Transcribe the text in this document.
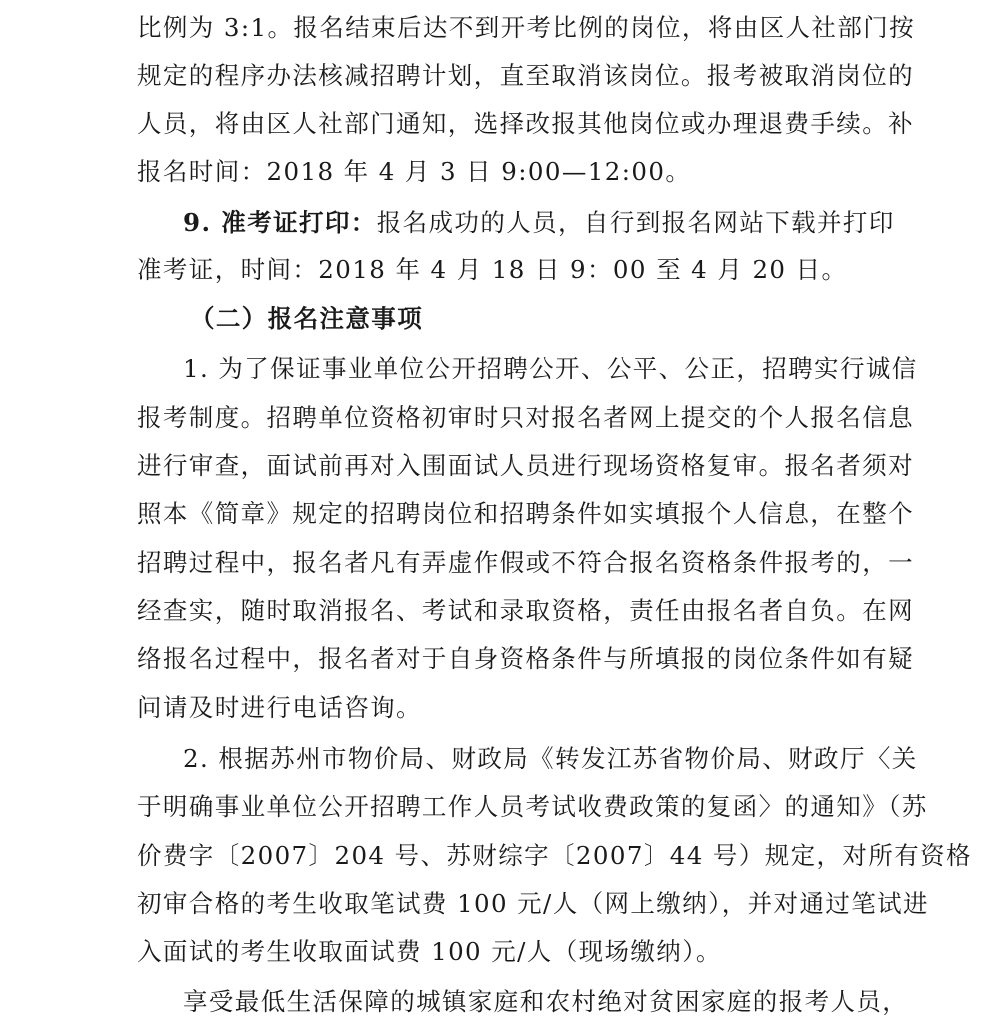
比例为 3:1。报名结束后达不到开考比例的岗位，将由区人社部门按
规定的程序办法核减招聘计划，直至取消该岗位。报考被取消岗位的
人员，将由区人社部门通知，选择改报其他岗位或办理退费手续。补
报名时间：2018 年 4 月 3 日 9:00—12:00。
9. 准考证打印：报名成功的人员，自行到报名网站下载并打印
准考证，时间：2018 年 4 月 18 日 9：00 至 4 月 20 日。
（二）报名注意事项
1. 为了保证事业单位公开招聘公开、公平、公正，招聘实行诚信
报考制度。招聘单位资格初审时只对报名者网上提交的个人报名信息
进行审查，面试前再对入围面试人员进行现场资格复审。报名者须对
照本《简章》规定的招聘岗位和招聘条件如实填报个人信息，在整个
招聘过程中，报名者凡有弄虚作假或不符合报名资格条件报考的，一
经查实，随时取消报名、考试和录取资格，责任由报名者自负。在网
络报名过程中，报名者对于自身资格条件与所填报的岗位条件如有疑
问请及时进行电话咨询。
2. 根据苏州市物价局、财政局《转发江苏省物价局、财政厅〈关
于明确事业单位公开招聘工作人员考试收费政策的复函〉的通知》（苏
价费字〔2007〕204 号、苏财综字〔2007〕44 号）规定，对所有资格
初审合格的考生收取笔试费 100 元/人（网上缴纳），并对通过笔试进
入面试的考生收取面试费 100 元/人（现场缴纳）。
享受最低生活保障的城镇家庭和农村绝对贫困家庭的报考人员，
